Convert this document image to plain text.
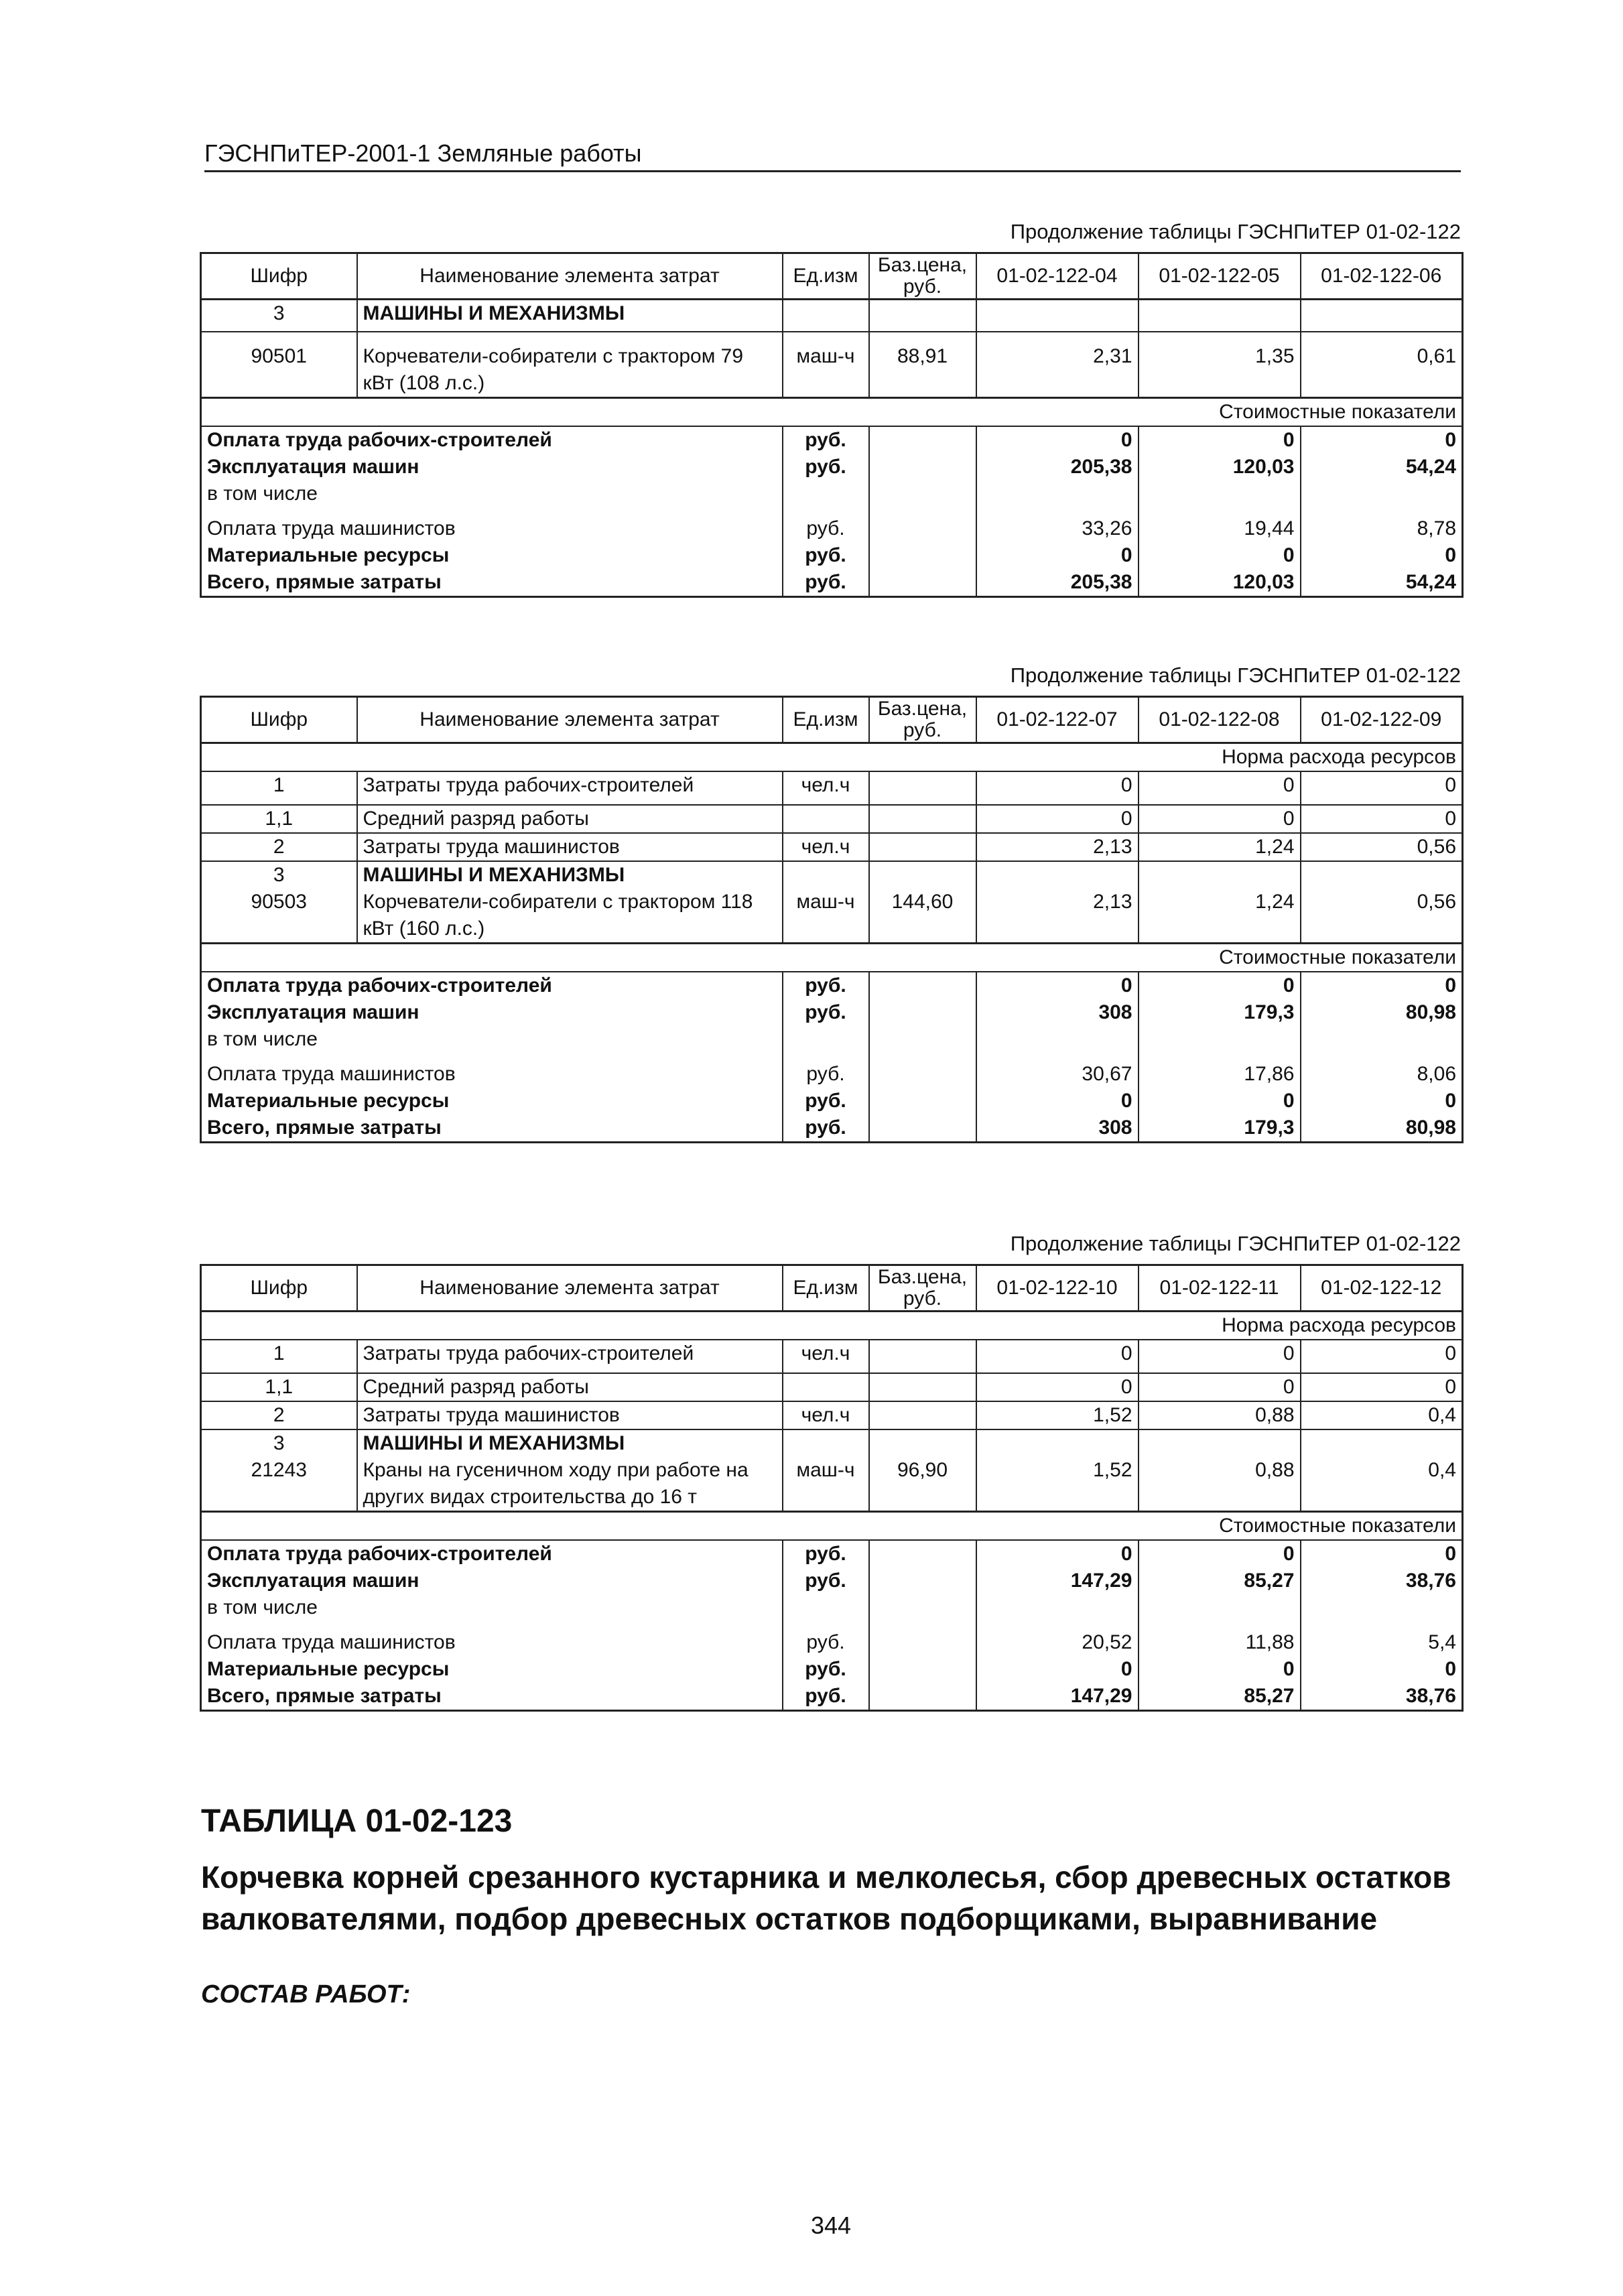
ГЭСНПиТЕР-2001-1 Земляные работы
Продолжение таблицы ГЭСНПиТЕР 01-02-122
Шифр	Наименование элемента затрат	Ед.изм	Баз.цена, руб.	01-02-122-04	01-02-122-05	01-02-122-06
3	МАШИНЫ И МЕХАНИЗМЫ					
90501	Корчеватели-собиратели с трактором 79 кВт (108 л.с.)	маш-ч	88,91	2,31	1,35	0,61
Стоимостные показатели						
Оплата труда рабочих-строителей		руб.		0	0	0
Эксплуатация машин		руб.		205,38	120,03	54,24
в том числе						
Оплата труда машинистов		руб.		33,26	19,44	8,78
Материальные ресурсы		руб.		0	0	0
Всего, прямые затраты		руб.		205,38	120,03	54,24
Продолжение таблицы ГЭСНПиТЕР 01-02-122
Шифр	Наименование элемента затрат	Ед.изм	Баз.цена, руб.	01-02-122-07	01-02-122-08	01-02-122-09
Норма расхода ресурсов						
1	Затраты труда рабочих-строителей	чел.ч		0	0	0
1,1	Средний разряд работы			0	0	0
2	Затраты труда машинистов	чел.ч		2,13	1,24	0,56
3	МАШИНЫ И МЕХАНИЗМЫ					
90503	Корчеватели-собиратели с трактором 118 кВт (160 л.с.)	маш-ч	144,60	2,13	1,24	0,56
Стоимостные показатели						
Оплата труда рабочих-строителей		руб.		0	0	0
Эксплуатация машин		руб.		308	179,3	80,98
в том числе						
Оплата труда машинистов		руб.		30,67	17,86	8,06
Материальные ресурсы		руб.		0	0	0
Всего, прямые затраты		руб.		308	179,3	80,98
Продолжение таблицы ГЭСНПиТЕР 01-02-122
Шифр	Наименование элемента затрат	Ед.изм	Баз.цена, руб.	01-02-122-10	01-02-122-11	01-02-122-12
Норма расхода ресурсов						
1	Затраты труда рабочих-строителей	чел.ч		0	0	0
1,1	Средний разряд работы			0	0	0
2	Затраты труда машинистов	чел.ч		1,52	0,88	0,4
3	МАШИНЫ И МЕХАНИЗМЫ					
21243	Краны на гусеничном ходу при работе на других видах строительства до 16 т	маш-ч	96,90	1,52	0,88	0,4
Стоимостные показатели						
Оплата труда рабочих-строителей		руб.		0	0	0
Эксплуатация машин		руб.		147,29	85,27	38,76
в том числе						
Оплата труда машинистов		руб.		20,52	11,88	5,4
Материальные ресурсы		руб.		0	0	0
Всего, прямые затраты		руб.		147,29	85,27	38,76
ТАБЛИЦА 01-02-123
Корчевка корней срезанного кустарника и мелколесья, сбор древесных остатков валкователями, подбор древесных остатков подборщиками, выравнивание
СОСТАВ РАБОТ:
344
